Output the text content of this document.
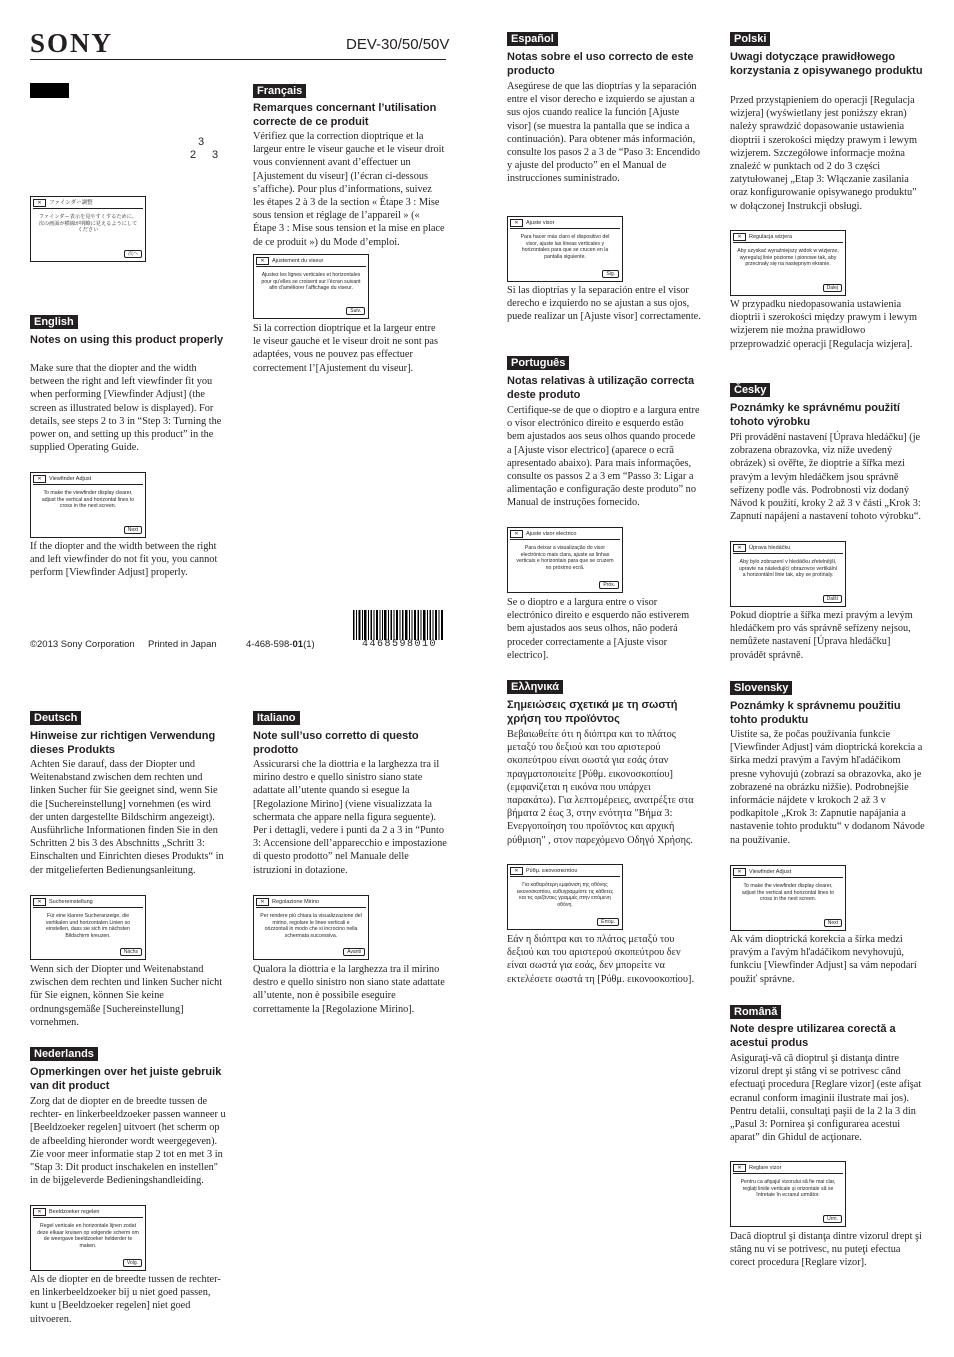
SONY	DEV-30/50/50V
3
2 3
✕ ファインダー調整
ファインダー表示を見やすくするために、次の画面が横線が明瞭に見えるようにしてください
次へ
English
Notes on using this product properly
Make sure that the diopter and the width between the right and left viewfinder fit you when performing [Viewfinder Adjust] (the screen as illustrated below is displayed). For details, see steps 2 to 3 in “Step 3: Turning the power on, and setting up this product” in the supplied Operating Guide.
✕ Viewfinder Adjust
To make the viewfinder display clearer, adjust the vertical and horizontal lines to cross in the next screen.
Next
If the diopter and the width between the right and left viewfinder do not fit you, you cannot perform [Viewfinder Adjust] properly.
Français
Remarques concernant l’utilisation correcte de ce produit
Vérifiez que la correction dioptrique et la largeur entre le viseur gauche et le viseur droit vous conviennent avant d’effectuer un [Ajustement du viseur] (l’écran ci-dessous s’affiche). Pour plus d’informations, suivez les étapes 2 à 3 de la section « Étape 3 : Mise sous tension et réglage de l’appareil » (« Étape 3 : Mise sous tension et la mise en place de ce produit ») du Mode d’emploi.
✕ Ajustement du viseur
Ajustez les lignes verticales et horizontales pour qu’elles se croisent sur l’écran suivant afin d’améliorer l’affichage du viseur.
Suiv.
Si la correction dioptrique et la largeur entre le viseur gauche et le viseur droit ne sont pas adaptées, vous ne pouvez pas effectuer correctement l’[Ajustement du viseur].
Español
Notas sobre el uso correcto de este producto
Asegúrese de que las dioptrías y la separación entre el visor derecho e izquierdo se ajustan a sus ojos cuando realice la función [Ajuste visor] (se muestra la pantalla que se indica a continuación). Para obtener más información, consulte los pasos 2 a 3 de “Paso 3: Encendido y ajuste del producto” en el Manual de instrucciones suministrado.
✕ Ajuste visor
Para hacer más claro el dispositivo del visor, ajuste las líneas verticales y horizontales para que se crucen en la pantalla siguiente.
Sig.
Si las dioptrías y la separación entre el visor derecho e izquierdo no se ajustan a sus ojos, puede realizar un [Ajuste visor] correctamente.
Português
Notas relativas à utilização correcta deste produto
Certifique-se de que o dioptro e a largura entre o visor electrónico direito e esquerdo estão bem ajustados aos seus olhos quando procede a [Ajuste visor electrico] (aparece o ecrã apresentado abaixo). Para mais informações, consulte os passos 2 a 3 em “Passo 3: Ligar a alimentação e configuração deste produto” no Manual de instruções fornecido.
✕ Ajuste visor electrico
Para deixar a visualização do visor electrónico mais clara, ajuste as linhas verticais e horizontais para que se cruzem no próximo ecrã.
Próx.
Se o dioptro e a largura entre o visor electrónico direito e esquerdo não estiverem bem ajustados aos seus olhos, não poderá proceder correctamente a [Ajuste visor electrico].
Ελληνικά
Σημειώσεις σχετικά με τη σωστή χρήση του προϊόντος
Βεβαιωθείτε ότι η διόπτρα και το πλάτος μεταξύ του δεξιού και του αριστερού σκοπεύτρου είναι σωστά για εσάς όταν πραγματοποιείτε [Ρύθμ. εικονοσκοπίου] (εμφανίζεται η εικόνα που υπάρχει παρακάτω). Για λεπτομέρειες, ανατρέξτε στα βήματα 2 έως 3, στην ενότητα "Βήμα 3: Ενεργοποίηση του προϊόντος και αρχική ρύθμιση" , στον παρεχόμενο Οδηγό Χρήσης.
✕ Ρύθμ. εικονοσκοπίου
Για καθαρότερη εμφάνιση της οθόνης εικονοσκοπίου, ευθυγραμμίστε τις κάθετες και τις οριζόντιες γραμμές στην επόμενη οθόνη.
Επόμ.
Εάν η διόπτρα και το πλάτος μεταξύ του δεξιού και του αριστερού σκοπεύτρου δεν είναι σωστά για εσάς, δεν μπορείτε να εκτελέσετε σωστά τη [Ρύθμ. εικονοσκοπίου].
Polski
Uwagi dotyczące prawidłowego korzystania z opisywanego produktu
Przed przystąpieniem do operacji [Regulacja wizjera] (wyświetlany jest poniższy ekran) należy sprawdzić dopasowanie ustawienia dioptrii i szerokości między prawym i lewym wizjerem. Szczegółowe informacje można znaleźć w punktach od 2 do 3 części zatytułowanej „Etap 3: Włączanie zasilania oraz konfigurowanie opisywanego produktu” w dołączonej Instrukcji obsługi.
✕ Regulacja wizjera
Aby uzyskać wyraźniejszy widok w wizjerze, wyreguluj linie poziome i pionowe tak, aby przecinały się na następnym ekranie.
Dalej
W przypadku niedopasowania ustawienia dioptrii i szerokości między prawym i lewym wizjerem nie można prawidłowo przeprowadzić operacji [Regulacja wizjera].
Česky
Poznámky ke správnému použití tohoto výrobku
Při provádění nastavení [Úprava hledáčku] (je zobrazena obrazovka, viz níže uvedený obrázek) si ověřte, že dioptrie a šířka mezi pravým a levým hledáčkem jsou správně seřízeny podle vás. Podrobnosti viz dodaný Návod k použití, kroky 2 až 3 v části „Krok 3: Zapnutí napájení a nastavení tohoto výrobku“.
✕ Úprava hledáčku
Aby bylo zobrazení v hledáčku zřetelnější, upravte na následující obrazovce vertikální a horizontální linie tak, aby se protínaly.
Další
Pokud dioptrie a šířka mezi pravým a levým hledáčkem pro vás správně seřízeny nejsou, nemůžete nastavení [Úprava hledáčku] provádět správně.
Slovensky
Poznámky k správnemu použitiu tohto produktu
Uistite sa, že počas používania funkcie [Viewfinder Adjust] vám dioptrická korekcia a šírka medzi pravým a ľavým hľadáčikom presne vyhovujú (zobrazí sa obrazovka, ako je zobrazené na obrázku nižšie). Podrobnejšie informácie nájdete v krokoch 2 až 3 v podkapitole „Krok 3: Zapnutie napájania a nastavenie tohto produktu“ v dodanom Návode na používanie.
✕ Viewfinder Adjust
To make the viewfinder display clearer, adjust the vertical and horizontal lines to cross in the next screen.
Next
Ak vám dioptrická korekcia a šírka medzi pravým a ľavým hľadáčikom nevyhovujú, funkciu [Viewfinder Adjust] sa vám nepodarí použiť správne.
Română
Note despre utilizarea corectă a acestui produs
Asiguraţi-vă că dioptrul şi distanţa dintre vizorul drept şi stâng vi se potrivesc când efectuaţi procedura [Reglare vizor] (este afişat ecranul conform imaginii ilustrate mai jos). Pentru detalii, consultaţi paşii de la 2 la 3 din „Pasul 3: Pornirea şi configurarea acestui aparat” din Ghidul de acţionare.
✕ Reglare vizor
Pentru ca afişajul vizorului să fie mai clar, reglaţi liniile verticale şi orizontale să se întretaie în ecranul următor.
Urm.
Dacă dioptrul şi distanţa dintre vizorul drept şi stâng nu vi se potrivesc, nu puteţi efectua corect procedura [Reglare vizor].
Deutsch
Hinweise zur richtigen Verwendung dieses Produkts
Achten Sie darauf, dass der Diopter und Weitenabstand zwischen dem rechten und linken Sucher für Sie geeignet sind, wenn Sie die [Suchereinstellung] vornehmen (es wird der unten dargestellte Bildschirm angezeigt). Ausführliche Informationen finden Sie in den Schritten 2 bis 3 des Abschnitts „Schritt 3: Einschalten und Einrichten dieses Produkts“ in der mitgelieferten Bedienungsanleitung.
✕ Suchereinstellung
Für eine klarere Sucheranzeige, die vertikalen und horizontalen Linien so einstellen, dass sie sich im nächsten Bildschirm kreuzen.
Nächs
Wenn sich der Diopter und Weitenabstand zwischen dem rechten und linken Sucher nicht für Sie eignen, können Sie keine ordnungsgemäße [Suchereinstellung] vornehmen.
Nederlands
Opmerkingen over het juiste gebruik van dit product
Zorg dat de diopter en de breedte tussen de rechter- en linkerbeeldzoeker passen wanneer u [Beeldzoeker regelen] uitvoert (het scherm op de afbeelding hieronder wordt weergegeven). Zie voor meer informatie stap 2 tot en met 3 in "Stap 3: Dit product inschakelen en instellen" in de bijgeleverde Bedieningshandleiding.
✕ Beeldzoeker regelen
Regel verticale en horizontale lijnen zodat deze elkaar kruisen op volgende scherm om de weergave beeldzoeker helderder te maken.
Volg.
Als de diopter en de breedte tussen de rechter- en linkerbeeldzoeker bij u niet goed passen, kunt u [Beeldzoeker regelen] niet goed uitvoeren.
Italiano
Note sull’uso corretto di questo prodotto
Assicurarsi che la diottria e la larghezza tra il mirino destro e quello sinistro siano state adattate all’utente quando si esegue la [Regolazione Mirino] (viene visualizzata la schermata che appare nella figura seguente). Per i dettagli, vedere i punti da 2 a 3 in “Punto 3: Accensione dell’apparecchio e impostazione di questo prodotto” nel Manuale delle istruzioni in dotazione.
✕ Regolazione Mirino
Per rendere più chiara la visualizzazione del mirino, regolare le linee verticali e orizzontali in modo che si incrocino nella schermata successiva.
Avanti
Qualora la diottria e la larghezza tra il mirino destro e quello sinistro non siano state adattate all’utente, non è possibile eseguire correttamente la [Regolazione Mirino].
©2013 Sony Corporation Printed in Japan	4-468-598-01(1)	4468598010
